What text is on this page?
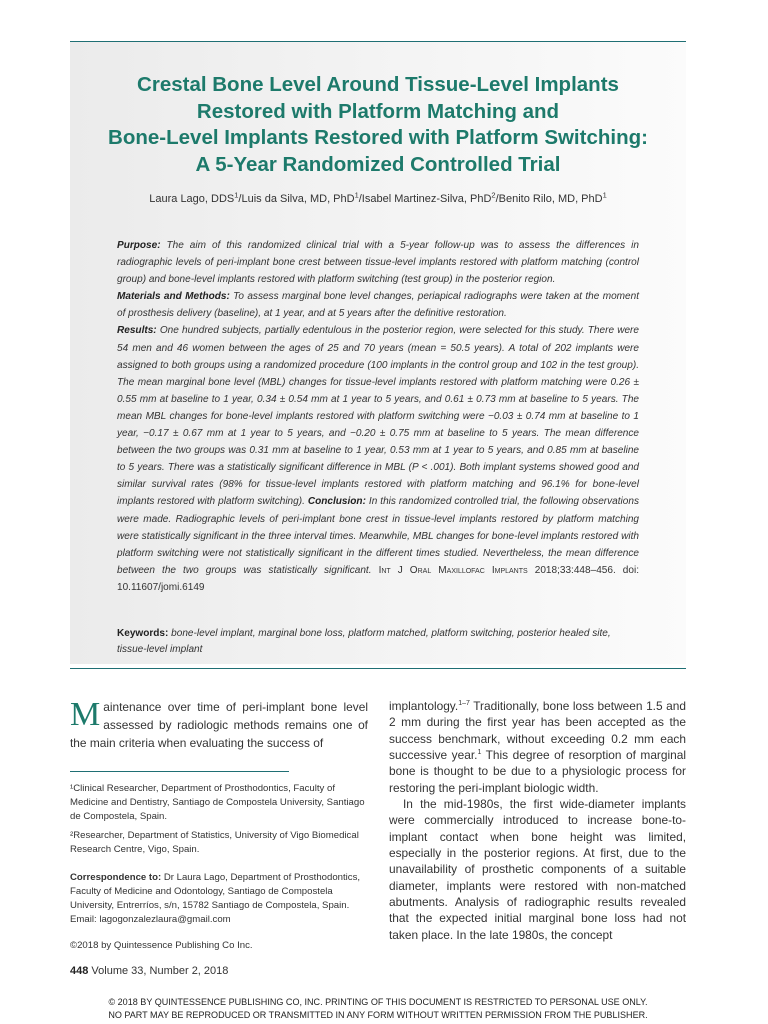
Crestal Bone Level Around Tissue-Level Implants
Restored with Platform Matching and
Bone-Level Implants Restored with Platform Switching:
A 5-Year Randomized Controlled Trial
Laura Lago, DDS$^1$/Luis da Silva, MD, PhD$^1$/Isabel Martinez-Silva, PhD$^2$/Benito Rilo, MD, PhD$^1$

Purpose: The aim of this randomized clinical trial with a 5-year follow-up was to assess the differences in radiographic levels of peri-implant bone crest between tissue-level implants restored with platform matching (control group) and bone-level implants restored with platform switching (test group) in the posterior region.
Materials and Methods: To assess marginal bone level changes, periapical radiographs were taken at the moment of prosthesis delivery (baseline), at 1 year, and at 5 years after the definitive restoration.
Results: One hundred subjects, partially edentulous in the posterior region, were selected for this study. There were 54 men and 46 women between the ages of 25 and 70 years (mean = 50.5 years). A total of 202 implants were assigned to both groups using a randomized procedure (100 implants in the control group and 102 in the test group). The mean marginal bone level (MBL) changes for tissue-level implants restored with platform matching were 0.26 ± 0.55 mm at baseline to 1 year, 0.34 ± 0.54 mm at 1 year to 5 years, and 0.61 ± 0.73 mm at baseline to 5 years. The mean MBL changes for bone-level implants restored with platform switching were −0.03 ± 0.74 mm at baseline to 1 year, −0.17 ± 0.67 mm at 1 year to 5 years, and −0.20 ± 0.75 mm at baseline to 5 years. The mean difference between the two groups was 0.31 mm at baseline to 1 year, 0.53 mm at 1 year to 5 years, and 0.85 mm at baseline to 5 years. There was a statistically significant difference in MBL (P < .001). Both implant systems showed good and similar survival rates (98% for tissue-level implants restored with platform matching and 96.1% for bone-level implants restored with platform switching). Conclusion: In this randomized controlled trial, the following observations were made. Radiographic levels of peri-implant bone crest in tissue-level implants restored by platform matching were statistically significant in the three interval times. Meanwhile, MBL changes for bone-level implants restored with platform switching were not statistically significant in the different times studied. Nevertheless, the mean difference between the two groups was statistically significant. Int J Oral Maxillofac Implants 2018;33:448–456. doi: 10.11607/jomi.6149

Keywords: bone-level implant, marginal bone loss, platform matched, platform switching, posterior healed site, tissue-level implant

Maintenance over time of peri-implant bone level assessed by radiologic methods remains one of the main criteria when evaluating the success of

¹Clinical Researcher, Department of Prosthodontics, Faculty of Medicine and Dentistry, Santiago de Compostela University, Santiago de Compostela, Spain.

²Researcher, Department of Statistics, University of Vigo Biomedical Research Centre, Vigo, Spain.

Correspondence to: Dr Laura Lago, Department of Prosthodontics, Faculty of Medicine and Odontology, Santiago de Compostela University, Entrerríos, s/n, 15782 Santiago de Compostela, Spain. Email: lagogonzalezlaura@gmail.com

©2018 by Quintessence Publishing Co Inc.

implantology.$^{1-7}$ Traditionally, bone loss between 1.5 and 2 mm during the first year has been accepted as the success benchmark, without exceeding 0.2 mm each successive year.$^1$ This degree of resorption of marginal bone is thought to be due to a physiologic process for restoring the peri-implant biologic width.

In the mid-1980s, the first wide-diameter implants were commercially introduced to increase bone-to-implant contact when bone height was limited, especially in the posterior regions. At first, due to the unavailability of prosthetic components of a suitable diameter, implants were restored with non-matched abutments. Analysis of radiographic results revealed that the expected initial marginal bone loss had not taken place. In the late 1980s, the concept

448 Volume 33, Number 2, 2018
© 2018 BY QUINTESSENCE PUBLISHING CO, INC. PRINTING OF THIS DOCUMENT IS RESTRICTED TO PERSONAL USE ONLY.
NO PART MAY BE REPRODUCED OR TRANSMITTED IN ANY FORM WITHOUT WRITTEN PERMISSION FROM THE PUBLISHER.
